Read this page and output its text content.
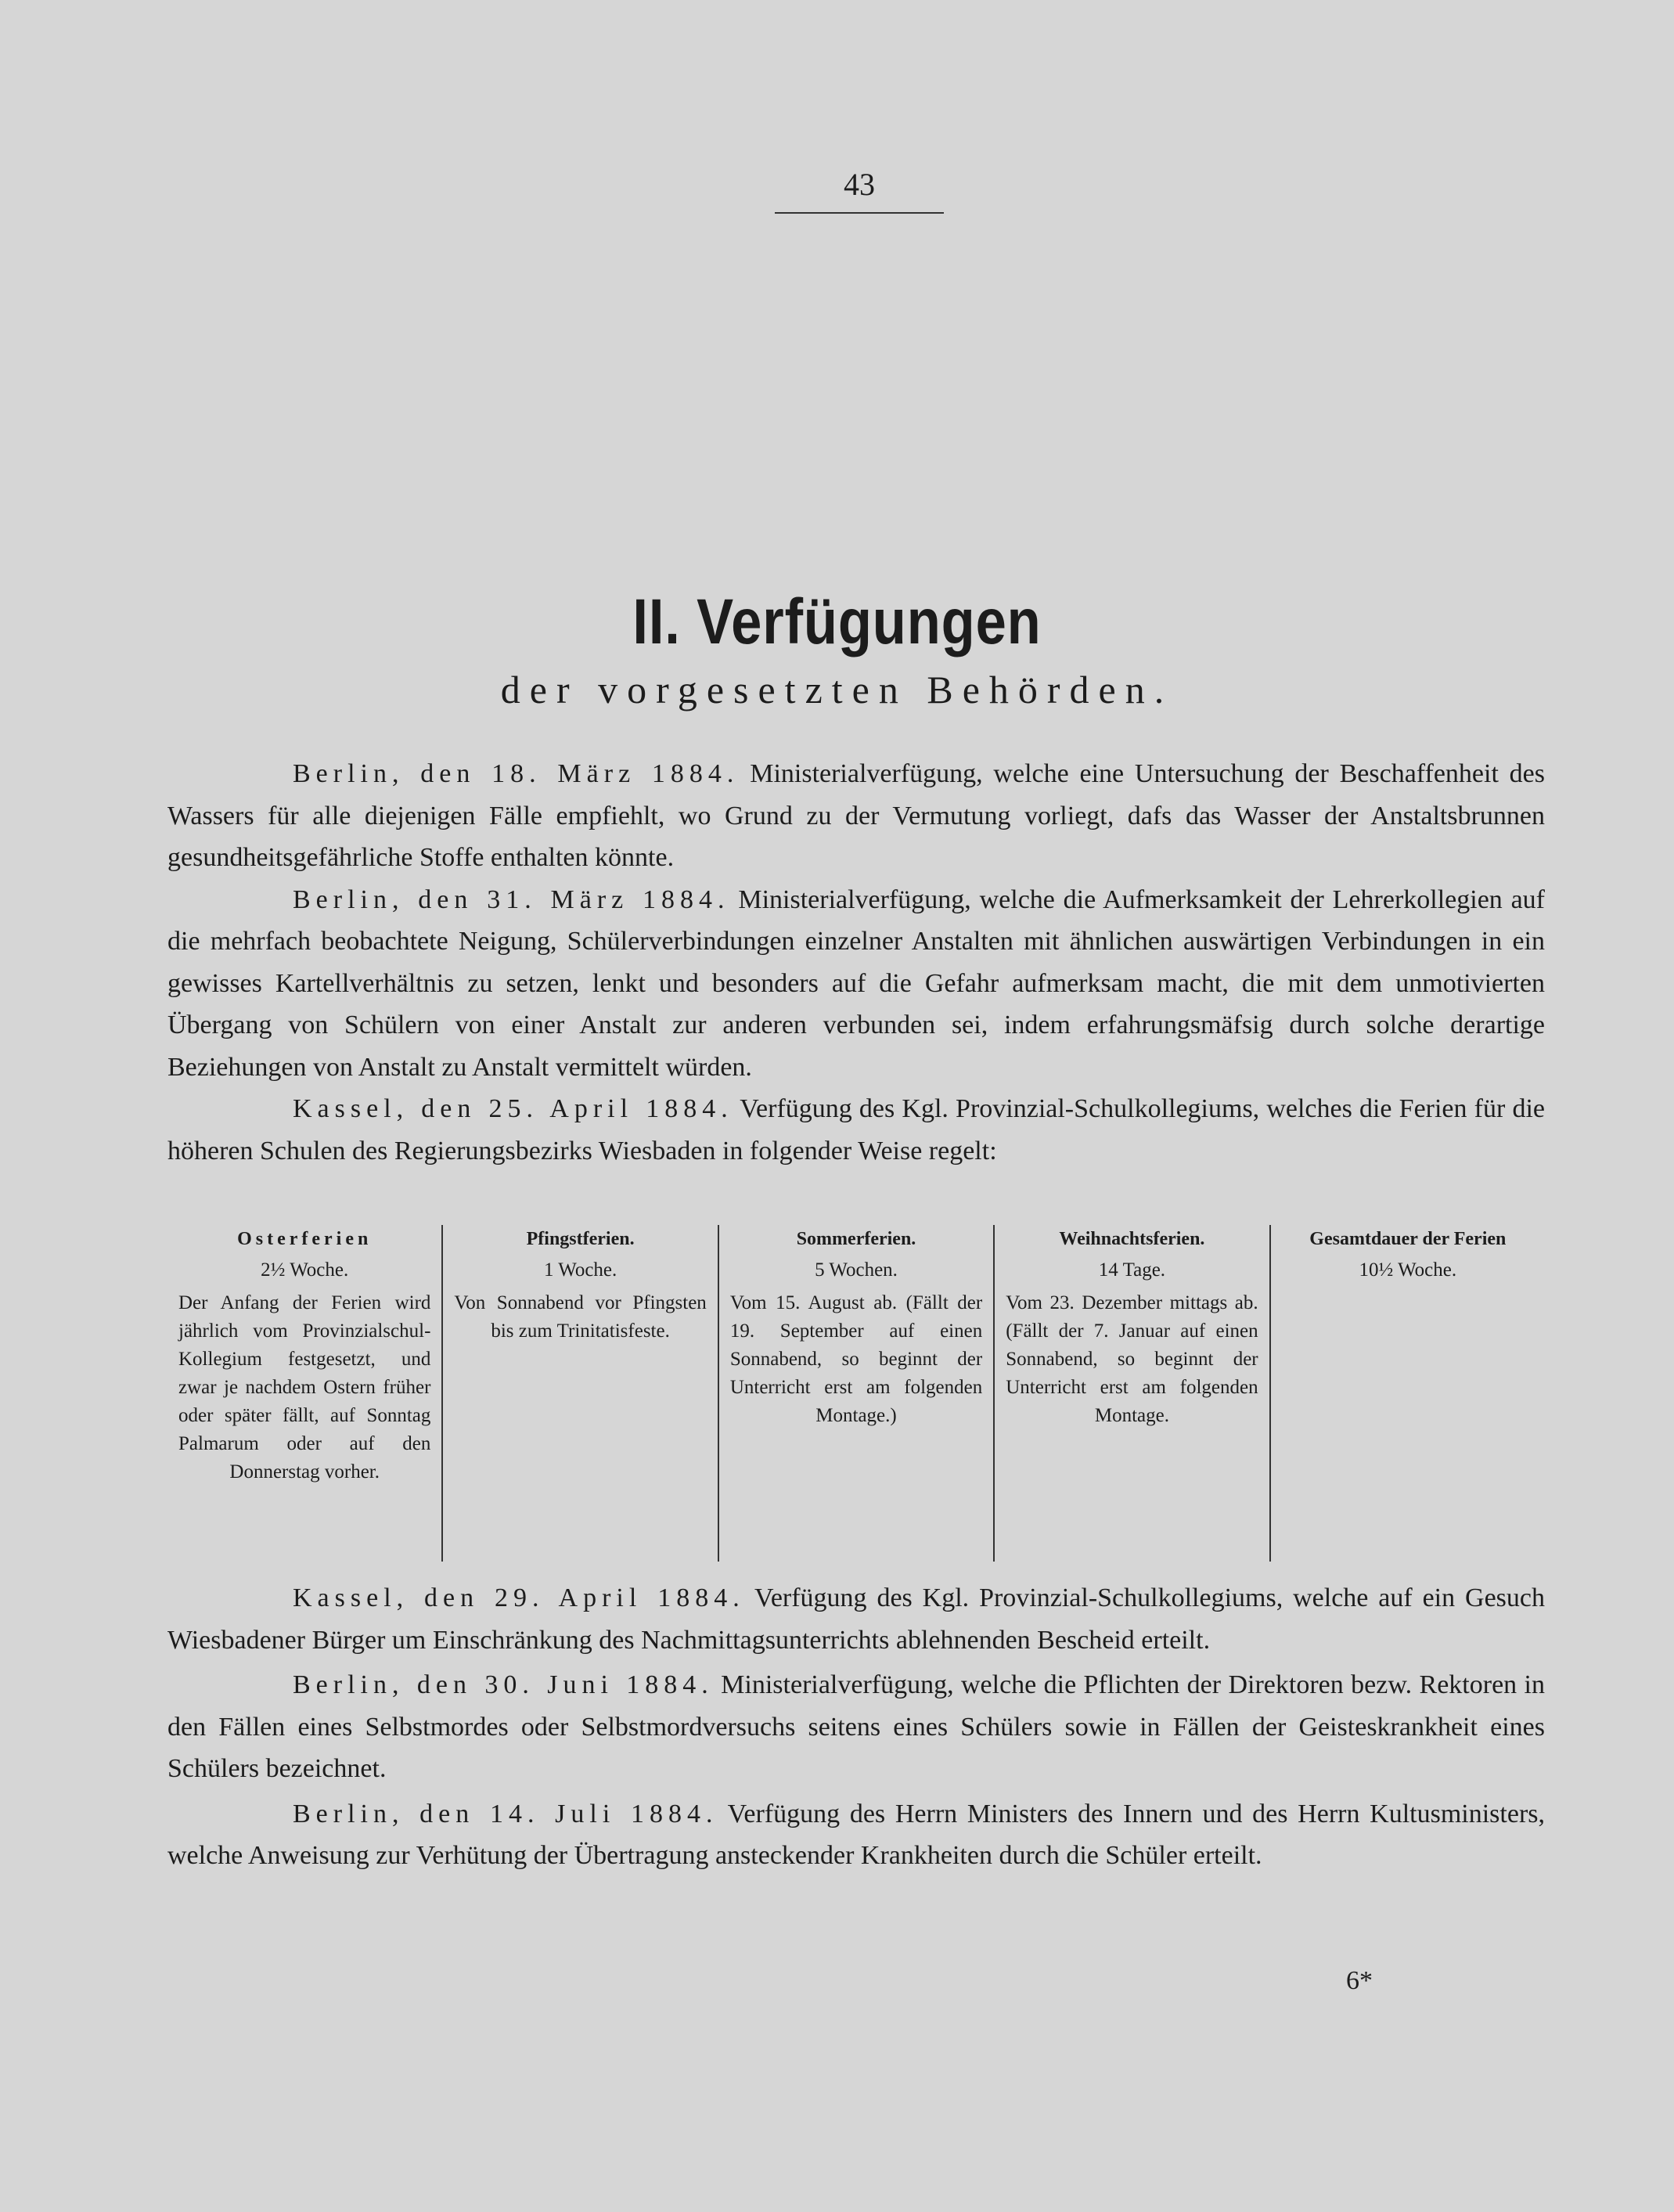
43
II. Verfügungen
der vorgesetzten Behörden.

Berlin, den 18. März 1884. Ministerialverfügung, welche eine Untersuchung der Beschaffenheit des Wassers für alle diejenigen Fälle empfiehlt, wo Grund zu der Vermutung vorliegt, dafs das Wasser der Anstaltsbrunnen gesundheitsgefährliche Stoffe enthalten könnte.

Berlin, den 31. März 1884. Ministerialverfügung, welche die Aufmerksamkeit der Lehrerkollegien auf die mehrfach beobachtete Neigung, Schülerverbindungen einzelner Anstalten mit ähnlichen auswärtigen Verbindungen in ein gewisses Kartellverhältnis zu setzen, lenkt und besonders auf die Gefahr aufmerksam macht, die mit dem unmotivierten Übergang von Schülern von einer Anstalt zur anderen verbunden sei, indem erfahrungsmäfsig durch solche derartige Beziehungen von Anstalt zu Anstalt vermittelt würden.

Kassel, den 25. April 1884. Verfügung des Kgl. Provinzial-Schulkollegiums, welches die Ferien für die höheren Schulen des Regierungsbezirks Wiesbaden in folgender Weise regelt:

Osterferien
2½ Woche.
Der Anfang der Ferien wird jährlich vom Provinzialschul-Kollegium festgesetzt, und zwar je nachdem Ostern früher oder später fällt, auf Sonntag Palmarum oder auf den Donnerstag vorher.
Pfingstferien.
1 Woche.
Von Sonnabend vor Pfingsten bis zum Trinitatisfeste.
Sommerferien.
5 Wochen.
Vom 15. August ab. (Fällt der 19. September auf einen Sonnabend, so beginnt der Unterricht erst am folgenden Montage.)
Weihnachtsferien.
14 Tage.
Vom 23. Dezember mittags ab. (Fällt der 7. Januar auf einen Sonnabend, so beginnt der Unterricht erst am folgenden Montage.
Gesamtdauer der Ferien
10½ Woche.

Kassel, den 29. April 1884. Verfügung des Kgl. Provinzial-Schulkollegiums, welche auf ein Gesuch Wiesbadener Bürger um Einschränkung des Nachmittagsunterrichts ablehnenden Bescheid erteilt.

Berlin, den 30. Juni 1884. Ministerialverfügung, welche die Pflichten der Direktoren bezw. Rektoren in den Fällen eines Selbstmordes oder Selbstmordversuchs seitens eines Schülers sowie in Fällen der Geisteskrankheit eines Schülers bezeichnet.

Berlin, den 14. Juli 1884. Verfügung des Herrn Ministers des Innern und des Herrn Kultusministers, welche Anweisung zur Verhütung der Übertragung ansteckender Krankheiten durch die Schüler erteilt.

6*
